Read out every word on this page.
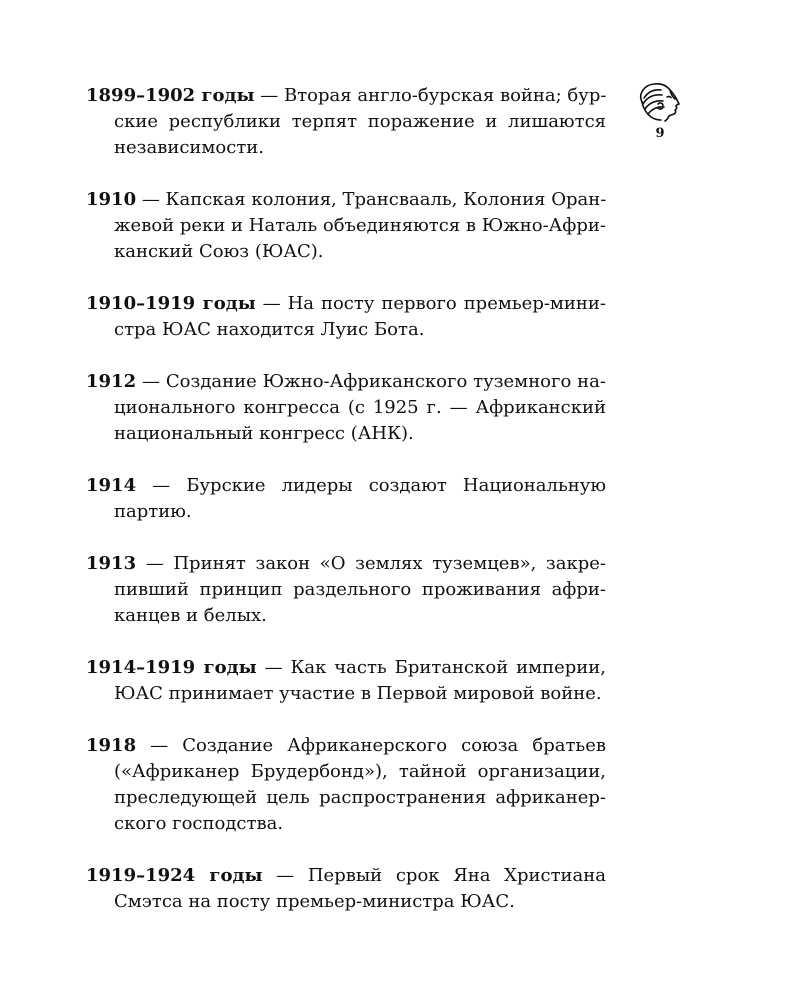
9

1899–1902 годы — Вторая англо-бурская война; бур-
ские республики терпят поражение и лишаются
независимости.

1910 — Капская колония, Трансвааль, Колония Оран-
жевой реки и Наталь объединяются в Южно-Афри-
канский Союз (ЮАС).

1910–1919 годы — На посту первого премьер-мини-
стра ЮАС находится Луис Бота.

1912 — Создание Южно-Африканского туземного на-
ционального конгресса (с 1925 г. — Африканский
национальный конгресс (АНК).

1914 — Бурские лидеры создают Национальную
партию.

1913 — Принят закон «О землях туземцев», закре-
пивший принцип раздельного проживания афри-
канцев и белых.

1914–1919 годы — Как часть Британской империи,
ЮАС принимает участие в Первой мировой войне.

1918 — Создание Африканерского союза братьев
(«Африканер Брудербонд»), тайной организации,
преследующей цель распространения африканер-
ского господства.

1919–1924 годы — Первый срок Яна Христиана
Смэтса на посту премьер-министра ЮАС.
